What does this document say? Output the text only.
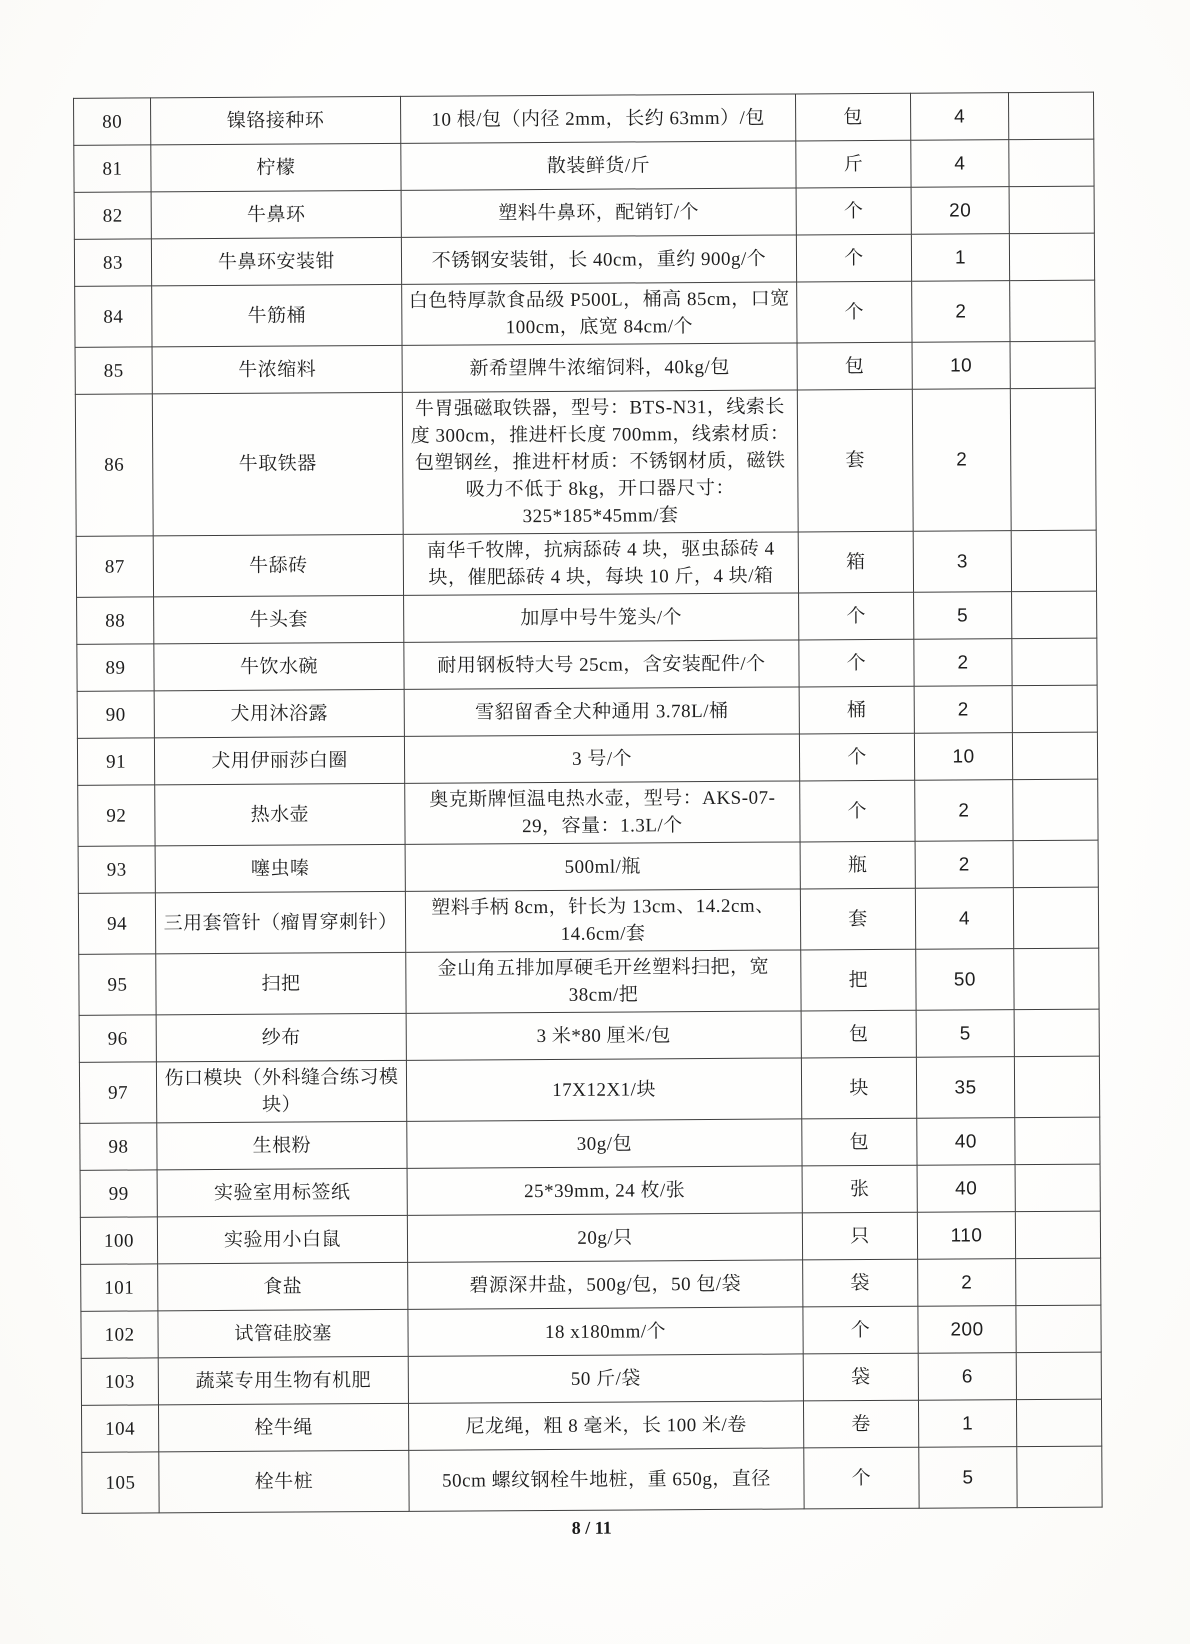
80	镍铬接种环	10 根/包（内径 2mm，长约 63mm）/包	包	4	
81	柠檬	散装鲜货/斤	斤	4	
82	牛鼻环	塑料牛鼻环，配销钉/个	个	20	
83	牛鼻环安装钳	不锈钢安装钳，长 40cm，重约 900g/个	个	1	
84	牛筋桶	白色特厚款食品级 P500L，桶高 85cm，口宽 100cm，底宽 84cm/个	个	2	
85	牛浓缩料	新希望牌牛浓缩饲料，40kg/包	包	10	
86	牛取铁器	牛胃强磁取铁器，型号：BTS-N31，线索长度 300cm，推进杆长度 700mm，线索材质：包塑钢丝，推进杆材质：不锈钢材质，磁铁吸力不低于 8kg，开口器尺寸：325*185*45mm/套	套	2	
87	牛舔砖	南华千牧牌，抗病舔砖 4 块，驱虫舔砖 4 块，催肥舔砖 4 块，每块 10 斤，4 块/箱	箱	3	
88	牛头套	加厚中号牛笼头/个	个	5	
89	牛饮水碗	耐用钢板特大号 25cm，含安装配件/个	个	2	
90	犬用沐浴露	雪貂留香全犬种通用 3.78L/桶	桶	2	
91	犬用伊丽莎白圈	3 号/个	个	10	
92	热水壶	奥克斯牌恒温电热水壶，型号：AKS-07-29，容量：1.3L/个	个	2	
93	噻虫嗪	500ml/瓶	瓶	2	
94	三用套管针（瘤胃穿刺针）	塑料手柄 8cm，针长为 13cm、14.2cm、14.6cm/套	套	4	
95	扫把	金山角五排加厚硬毛开丝塑料扫把，宽 38cm/把	把	50	
96	纱布	3 米*80 厘米/包	包	5	
97	伤口模块（外科缝合练习模块）	17X12X1/块	块	35	
98	生根粉	30g/包	包	40	
99	实验室用标签纸	25*39mm, 24 枚/张	张	40	
100	实验用小白鼠	20g/只	只	110	
101	食盐	碧源深井盐，500g/包，50 包/袋	袋	2	
102	试管硅胶塞	18 x180mm/个	个	200	
103	蔬菜专用生物有机肥	50 斤/袋	袋	6	
104	栓牛绳	尼龙绳，粗 8 毫米，长 100 米/卷	卷	1	
105	栓牛桩	50cm 螺纹钢栓牛地桩，重 650g，直径	个	5	
8 / 11
